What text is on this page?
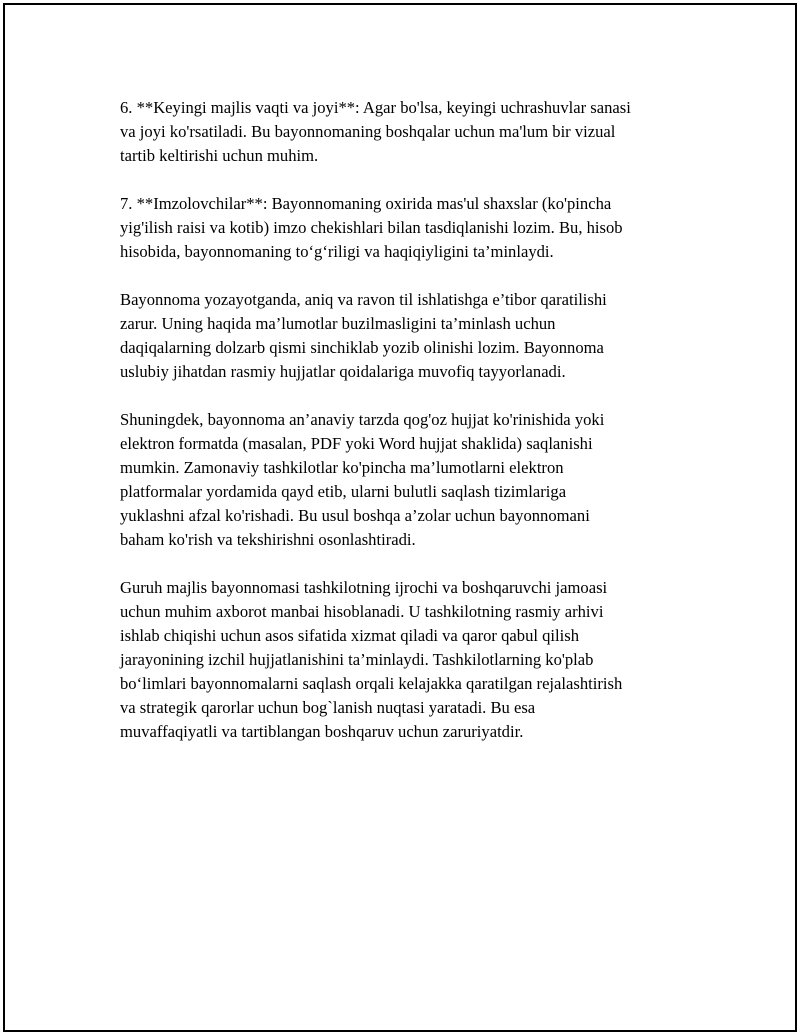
6. **Keyingi majlis vaqti va joyi**: Agar bo'lsa, keyingi uchrashuvlar sanasi
va joyi ko'rsatiladi. Bu bayonnomaning boshqalar uchun ma'lum bir vizual
tartib keltirishi uchun muhim.

7. **Imzolovchilar**: Bayonnomaning oxirida mas'ul shaxslar (ko'pincha
yig'ilish raisi va kotib) imzo chekishlari bilan tasdiqlanishi lozim. Bu, hisob
hisobida, bayonnomaning to‘g‘riligi va haqiqiyligini ta’minlaydi.

Bayonnoma yozayotganda, aniq va ravon til ishlatishga e’tibor qaratilishi
zarur. Uning haqida ma’lumotlar buzilmasligini ta’minlash uchun
daqiqalarning dolzarb qismi sinchiklab yozib olinishi lozim. Bayonnoma
uslubiy jihatdan rasmiy hujjatlar qoidalariga muvofiq tayyorlanadi.

Shuningdek, bayonnoma an’anaviy tarzda qog'oz hujjat ko'rinishida yoki
elektron formatda (masalan, PDF yoki Word hujjat shaklida) saqlanishi
mumkin. Zamonaviy tashkilotlar ko'pincha ma’lumotlarni elektron
platformalar yordamida qayd etib, ularni bulutli saqlash tizimlariga
yuklashni afzal ko'rishadi. Bu usul boshqa a’zolar uchun bayonnomani
baham ko'rish va tekshirishni osonlashtiradi.

Guruh majlis bayonnomasi tashkilotning ijrochi va boshqaruvchi jamoasi
uchun muhim axborot manbai hisoblanadi. U tashkilotning rasmiy arhivi
ishlab chiqishi uchun asos sifatida xizmat qiladi va qaror qabul qilish
jarayonining izchil hujjatlanishini ta’minlaydi. Tashkilotlarning ko'plab
bo‘limlari bayonnomalarni saqlash orqali kelajakka qaratilgan rejalashtirish
va strategik qarorlar uchun bog`lanish nuqtasi yaratadi. Bu esa
muvaffaqiyatli va tartiblangan boshqaruv uchun zaruriyatdir.
